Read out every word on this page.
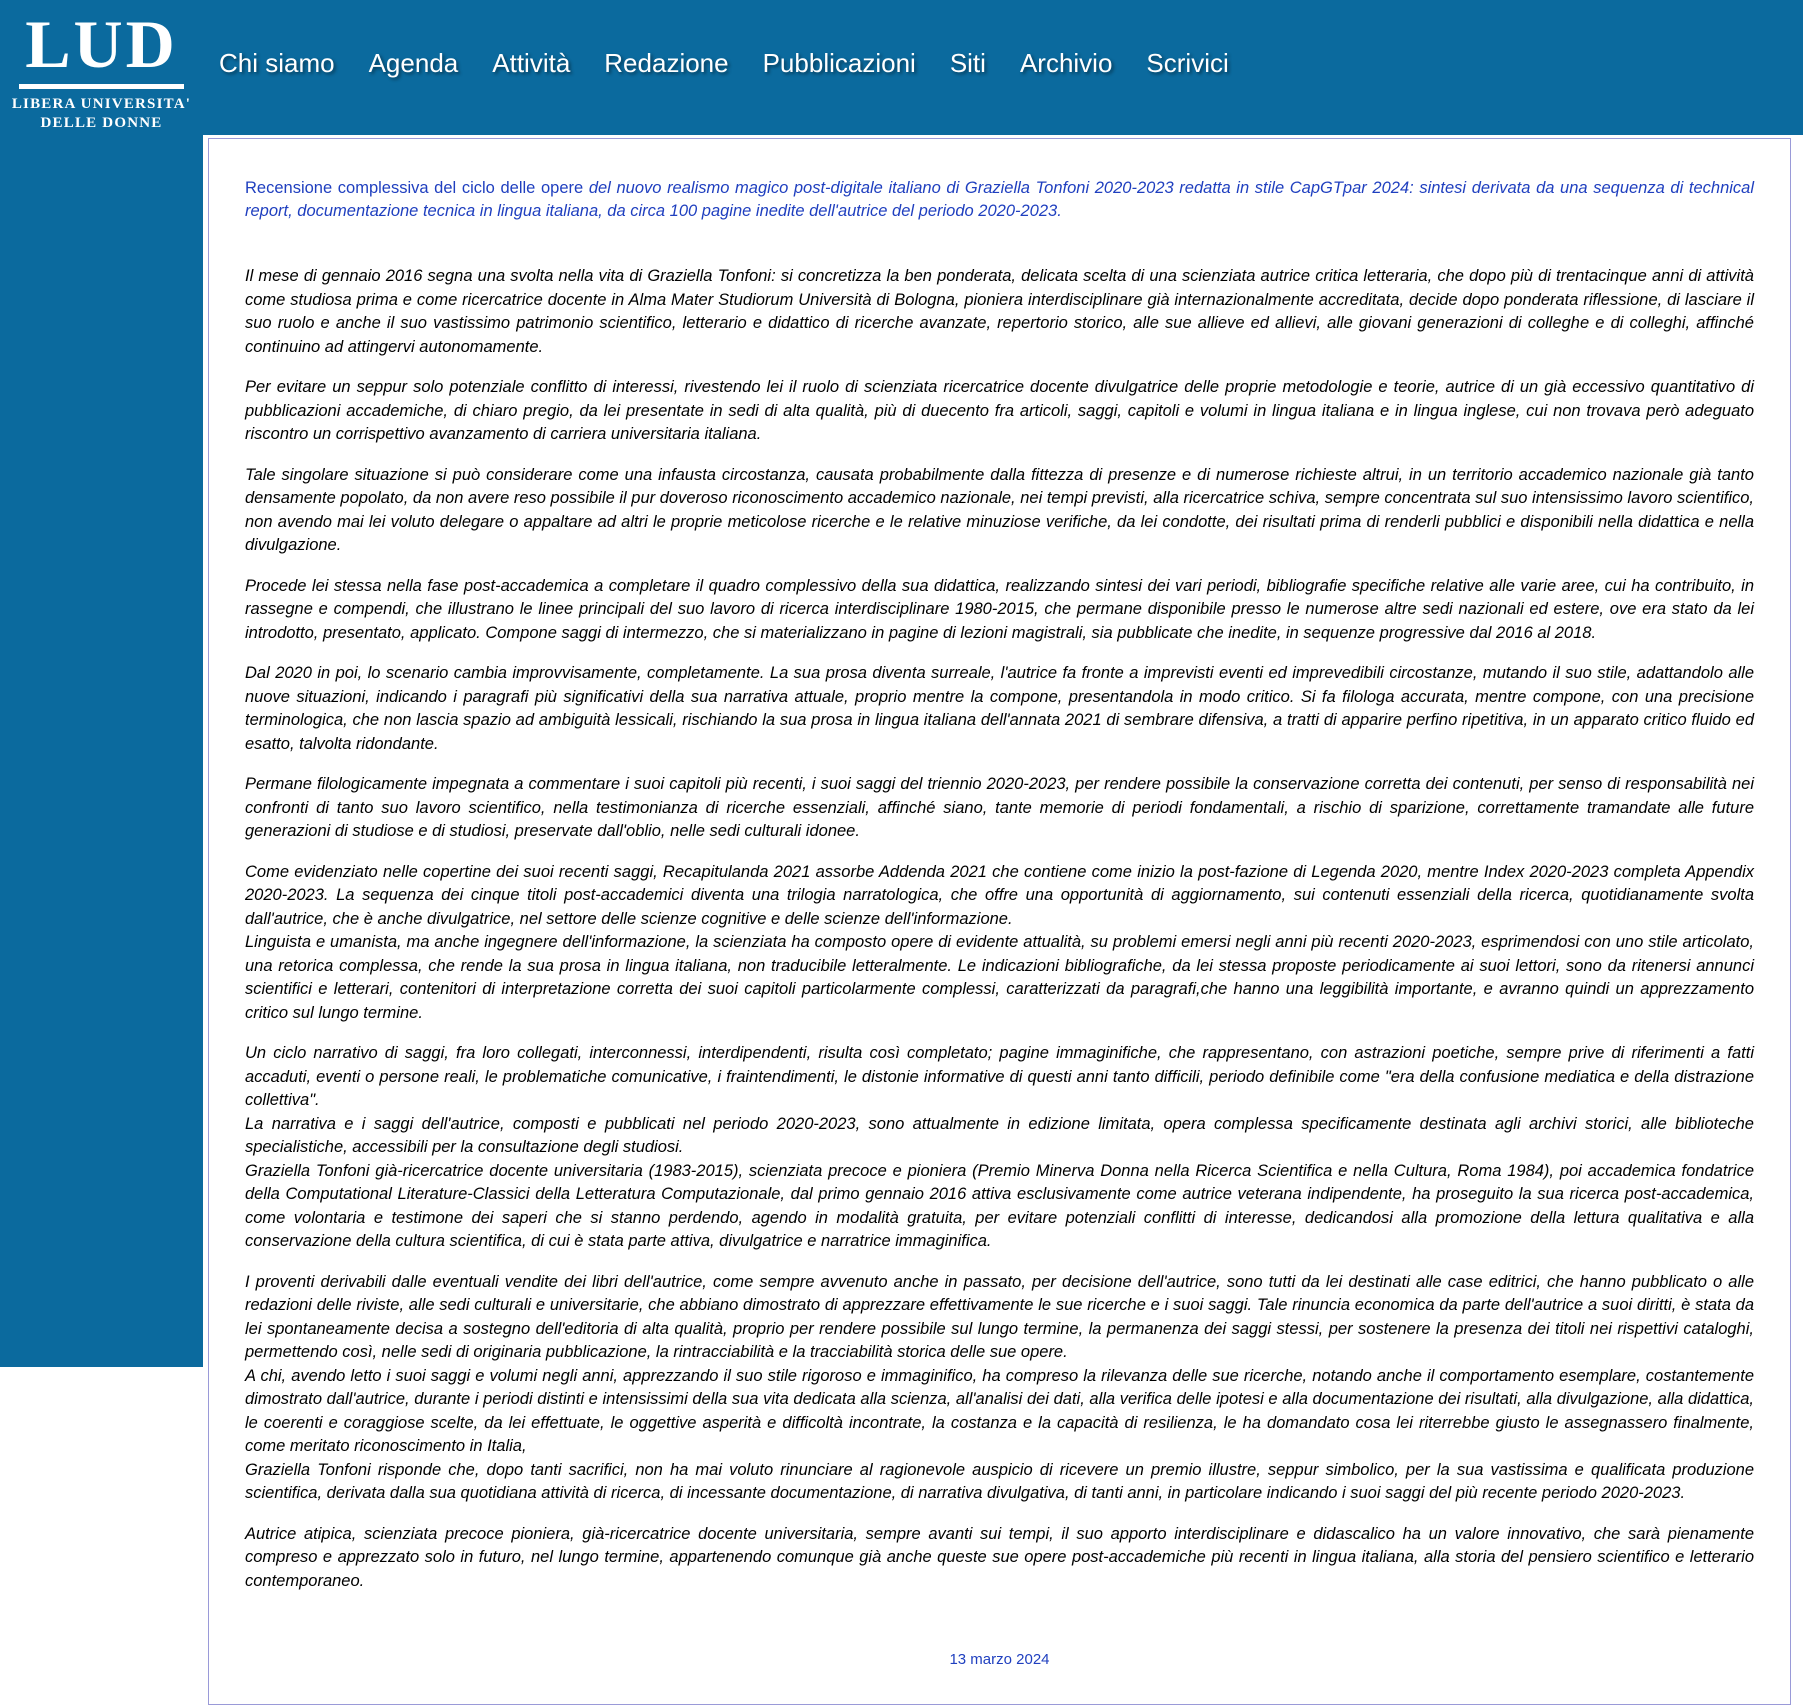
LUD
LIBERA UNIVERSITA'
DELLE DONNE
Chi siamo Agenda Attività Redazione Pubblicazioni Siti Archivio Scrivici

Recensione complessiva del ciclo delle opere del nuovo realismo magico post-digitale italiano di Graziella Tonfoni 2020-2023 redatta in stile CapGTpar 2024: sintesi derivata da una sequenza di technical report, documentazione tecnica in lingua italiana, da circa 100 pagine inedite dell'autrice del periodo 2020-2023.

Il mese di gennaio 2016 segna una svolta nella vita di Graziella Tonfoni: si concretizza la ben ponderata, delicata scelta di una scienziata autrice critica letteraria, che dopo più di trentacinque anni di attività come studiosa prima e come ricercatrice docente in Alma Mater Studiorum Università di Bologna, pioniera interdisciplinare già internazionalmente accreditata, decide dopo ponderata riflessione, di lasciare il suo ruolo e anche il suo vastissimo patrimonio scientifico, letterario e didattico di ricerche avanzate, repertorio storico, alle sue allieve ed allievi, alle giovani generazioni di colleghe e di colleghi, affinché continuino ad attingervi autonomamente.

Per evitare un seppur solo potenziale conflitto di interessi, rivestendo lei il ruolo di scienziata ricercatrice docente divulgatrice delle proprie metodologie e teorie, autrice di un già eccessivo quantitativo di pubblicazioni accademiche, di chiaro pregio, da lei presentate in sedi di alta qualità, più di duecento fra articoli, saggi, capitoli e volumi in lingua italiana e in lingua inglese, cui non trovava però adeguato riscontro un corrispettivo avanzamento di carriera universitaria italiana.

Tale singolare situazione si può considerare come una infausta circostanza, causata probabilmente dalla fittezza di presenze e di numerose richieste altrui, in un territorio accademico nazionale già tanto densamente popolato, da non avere reso possibile il pur doveroso riconoscimento accademico nazionale, nei tempi previsti, alla ricercatrice schiva, sempre concentrata sul suo intensissimo lavoro scientifico, non avendo mai lei voluto delegare o appaltare ad altri le proprie meticolose ricerche e le relative minuziose verifiche, da lei condotte, dei risultati prima di renderli pubblici e disponibili nella didattica e nella divulgazione.

Procede lei stessa nella fase post-accademica a completare il quadro complessivo della sua didattica, realizzando sintesi dei vari periodi, bibliografie specifiche relative alle varie aree, cui ha contribuito, in rassegne e compendi, che illustrano le linee principali del suo lavoro di ricerca interdisciplinare 1980-2015, che permane disponibile presso le numerose altre sedi nazionali ed estere, ove era stato da lei introdotto, presentato, applicato. Compone saggi di intermezzo, che si materializzano in pagine di lezioni magistrali, sia pubblicate che inedite, in sequenze progressive dal 2016 al 2018.

Dal 2020 in poi, lo scenario cambia improvvisamente, completamente. La sua prosa diventa surreale, l'autrice fa fronte a imprevisti eventi ed imprevedibili circostanze, mutando il suo stile, adattandolo alle nuove situazioni, indicando i paragrafi più significativi della sua narrativa attuale, proprio mentre la compone, presentandola in modo critico. Si fa filologa accurata, mentre compone, con una precisione terminologica, che non lascia spazio ad ambiguità lessicali, rischiando la sua prosa in lingua italiana dell'annata 2021 di sembrare difensiva, a tratti di apparire perfino ripetitiva, in un apparato critico fluido ed esatto, talvolta ridondante.

Permane filologicamente impegnata a commentare i suoi capitoli più recenti, i suoi saggi del triennio 2020-2023, per rendere possibile la conservazione corretta dei contenuti, per senso di responsabilità nei confronti di tanto suo lavoro scientifico, nella testimonianza di ricerche essenziali, affinché siano, tante memorie di periodi fondamentali, a rischio di sparizione, correttamente tramandate alle future generazioni di studiose e di studiosi, preservate dall'oblio, nelle sedi culturali idonee.

Come evidenziato nelle copertine dei suoi recenti saggi, Recapitulanda 2021 assorbe Addenda 2021 che contiene come inizio la post-fazione di Legenda 2020, mentre Index 2020-2023 completa Appendix 2020-2023. La sequenza dei cinque titoli post-accademici diventa una trilogia narratologica, che offre una opportunità di aggiornamento, sui contenuti essenziali della ricerca, quotidianamente svolta dall'autrice, che è anche divulgatrice, nel settore delle scienze cognitive e delle scienze dell'informazione.

Linguista e umanista, ma anche ingegnere dell'informazione, la scienziata ha composto opere di evidente attualità, su problemi emersi negli anni più recenti 2020-2023, esprimendosi con uno stile articolato, una retorica complessa, che rende la sua prosa in lingua italiana, non traducibile letteralmente. Le indicazioni bibliografiche, da lei stessa proposte periodicamente ai suoi lettori, sono da ritenersi annunci scientifici e letterari, contenitori di interpretazione corretta dei suoi capitoli particolarmente complessi, caratterizzati da paragrafi,che hanno una leggibilità importante, e avranno quindi un apprezzamento critico sul lungo termine.

Un ciclo narrativo di saggi, fra loro collegati, interconnessi, interdipendenti, risulta così completato; pagine immaginifiche, che rappresentano, con astrazioni poetiche, sempre prive di riferimenti a fatti accaduti, eventi o persone reali, le problematiche comunicative, i fraintendimenti, le distonie informative di questi anni tanto difficili, periodo definibile come "era della confusione mediatica e della distrazione collettiva".

La narrativa e i saggi dell'autrice, composti e pubblicati nel periodo 2020-2023, sono attualmente in edizione limitata, opera complessa specificamente destinata agli archivi storici, alle biblioteche specialistiche, accessibili per la consultazione degli studiosi.

Graziella Tonfoni già-ricercatrice docente universitaria (1983-2015), scienziata precoce e pioniera (Premio Minerva Donna nella Ricerca Scientifica e nella Cultura, Roma 1984), poi accademica fondatrice della Computational Literature-Classici della Letteratura Computazionale, dal primo gennaio 2016 attiva esclusivamente come autrice veterana indipendente, ha proseguito la sua ricerca post-accademica, come volontaria e testimone dei saperi che si stanno perdendo, agendo in modalità gratuita, per evitare potenziali conflitti di interesse, dedicandosi alla promozione della lettura qualitativa e alla conservazione della cultura scientifica, di cui è stata parte attiva, divulgatrice e narratrice immaginifica.

I proventi derivabili dalle eventuali vendite dei libri dell'autrice, come sempre avvenuto anche in passato, per decisione dell'autrice, sono tutti da lei destinati alle case editrici, che hanno pubblicato o alle redazioni delle riviste, alle sedi culturali e universitarie, che abbiano dimostrato di apprezzare effettivamente le sue ricerche e i suoi saggi. Tale rinuncia economica da parte dell'autrice a suoi diritti, è stata da lei spontaneamente decisa a sostegno dell'editoria di alta qualità, proprio per rendere possibile sul lungo termine, la permanenza dei saggi stessi, per sostenere la presenza dei titoli nei rispettivi cataloghi, permettendo così, nelle sedi di originaria pubblicazione, la rintracciabilità e la tracciabilità storica delle sue opere.

A chi, avendo letto i suoi saggi e volumi negli anni, apprezzando il suo stile rigoroso e immaginifico, ha compreso la rilevanza delle sue ricerche, notando anche il comportamento esemplare, costantemente dimostrato dall'autrice, durante i periodi distinti e intensissimi della sua vita dedicata alla scienza, all'analisi dei dati, alla verifica delle ipotesi e alla documentazione dei risultati, alla divulgazione, alla didattica, le coerenti e coraggiose scelte, da lei effettuate, le oggettive asperità e difficoltà incontrate, la costanza e la capacità di resilienza, le ha domandato cosa lei riterrebbe giusto le assegnassero finalmente, come meritato riconoscimento in Italia,

Graziella Tonfoni risponde che, dopo tanti sacrifici, non ha mai voluto rinunciare al ragionevole auspicio di ricevere un premio illustre, seppur simbolico, per la sua vastissima e qualificata produzione scientifica, derivata dalla sua quotidiana attività di ricerca, di incessante documentazione, di narrativa divulgativa, di tanti anni, in particolare indicando i suoi saggi del più recente periodo 2020-2023.

Autrice atipica, scienziata precoce pioniera, già-ricercatrice docente universitaria, sempre avanti sui tempi, il suo apporto interdisciplinare e didascalico ha un valore innovativo, che sarà pienamente compreso e apprezzato solo in futuro, nel lungo termine, appartenendo comunque già anche queste sue opere post-accademiche più recenti in lingua italiana, alla storia del pensiero scientifico e letterario contemporaneo.

13 marzo 2024
